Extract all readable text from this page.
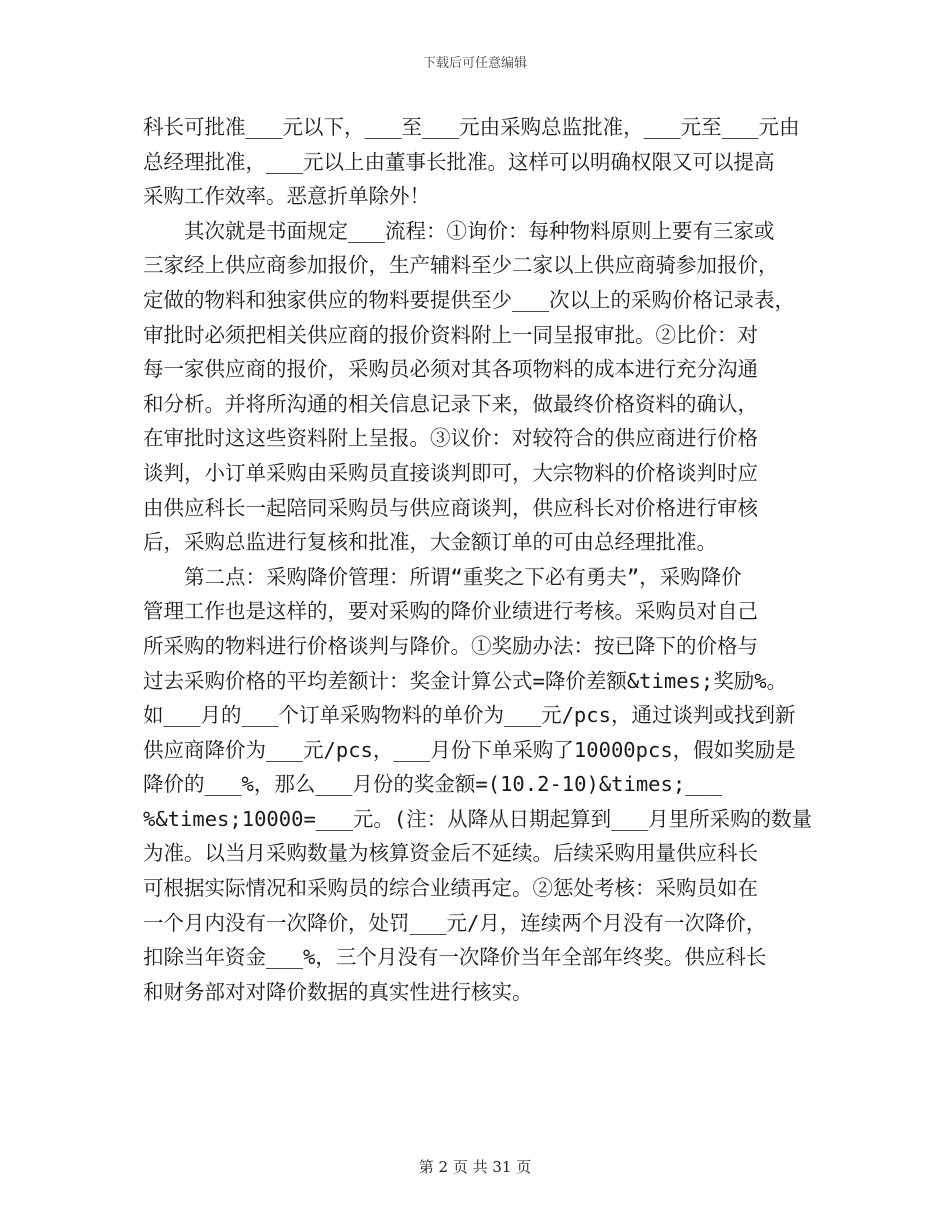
下载后可任意编辑
科长可批准___元以下，___至___元由采购总监批准，___元至___元由
总经理批准，___元以上由董事长批准。这样可以明确权限又可以提高
采购工作效率。恶意折单除外！
　　其次就是书面规定___流程：①询价：每种物料原则上要有三家或
三家经上供应商参加报价，生产辅料至少二家以上供应商骑参加报价，
定做的物料和独家供应的物料要提供至少___次以上的采购价格记录表，
审批时必须把相关供应商的报价资料附上一同呈报审批。②比价：对
每一家供应商的报价，采购员必须对其各项物料的成本进行充分沟通
和分析。并将所沟通的相关信息记录下来，做最终价格资料的确认，
在审批时这这些资料附上呈报。③议价：对较符合的供应商进行价格
谈判，小订单采购由采购员直接谈判即可，大宗物料的价格谈判时应
由供应科长一起陪同采购员与供应商谈判，供应科长对价格进行审核
后，采购总监进行复核和批准，大金额订单的可由总经理批准。
　　第二点：采购降价管理：所谓“重奖之下必有勇夫”，采购降价
管理工作也是这样的，要对采购的降价业绩进行考核。采购员对自己
所采购的物料进行价格谈判与降价。①奖励办法：按已降下的价格与
过去采购价格的平均差额计：奖金计算公式=降价差额&times;奖励%。
如___月的___个订单采购物料的单价为___元/pcs，通过谈判或找到新
供应商降价为___元/pcs，___月份下单采购了10000pcs，假如奖励是
降价的___%，那么___月份的奖金额=(10.2-10)&times;___
%&times;10000=___元。(注：从降从日期起算到___月里所采购的数量
为准。以当月采购数量为核算资金后不延续。后续采购用量供应科长
可根据实际情况和采购员的综合业绩再定。②惩处考核：采购员如在
一个月内没有一次降价，处罚___元/月，连续两个月没有一次降价，
扣除当年资金___%，三个月没有一次降价当年全部年终奖。供应科长
和财务部对对降价数据的真实性进行核实。
第 2 页 共 31 页
